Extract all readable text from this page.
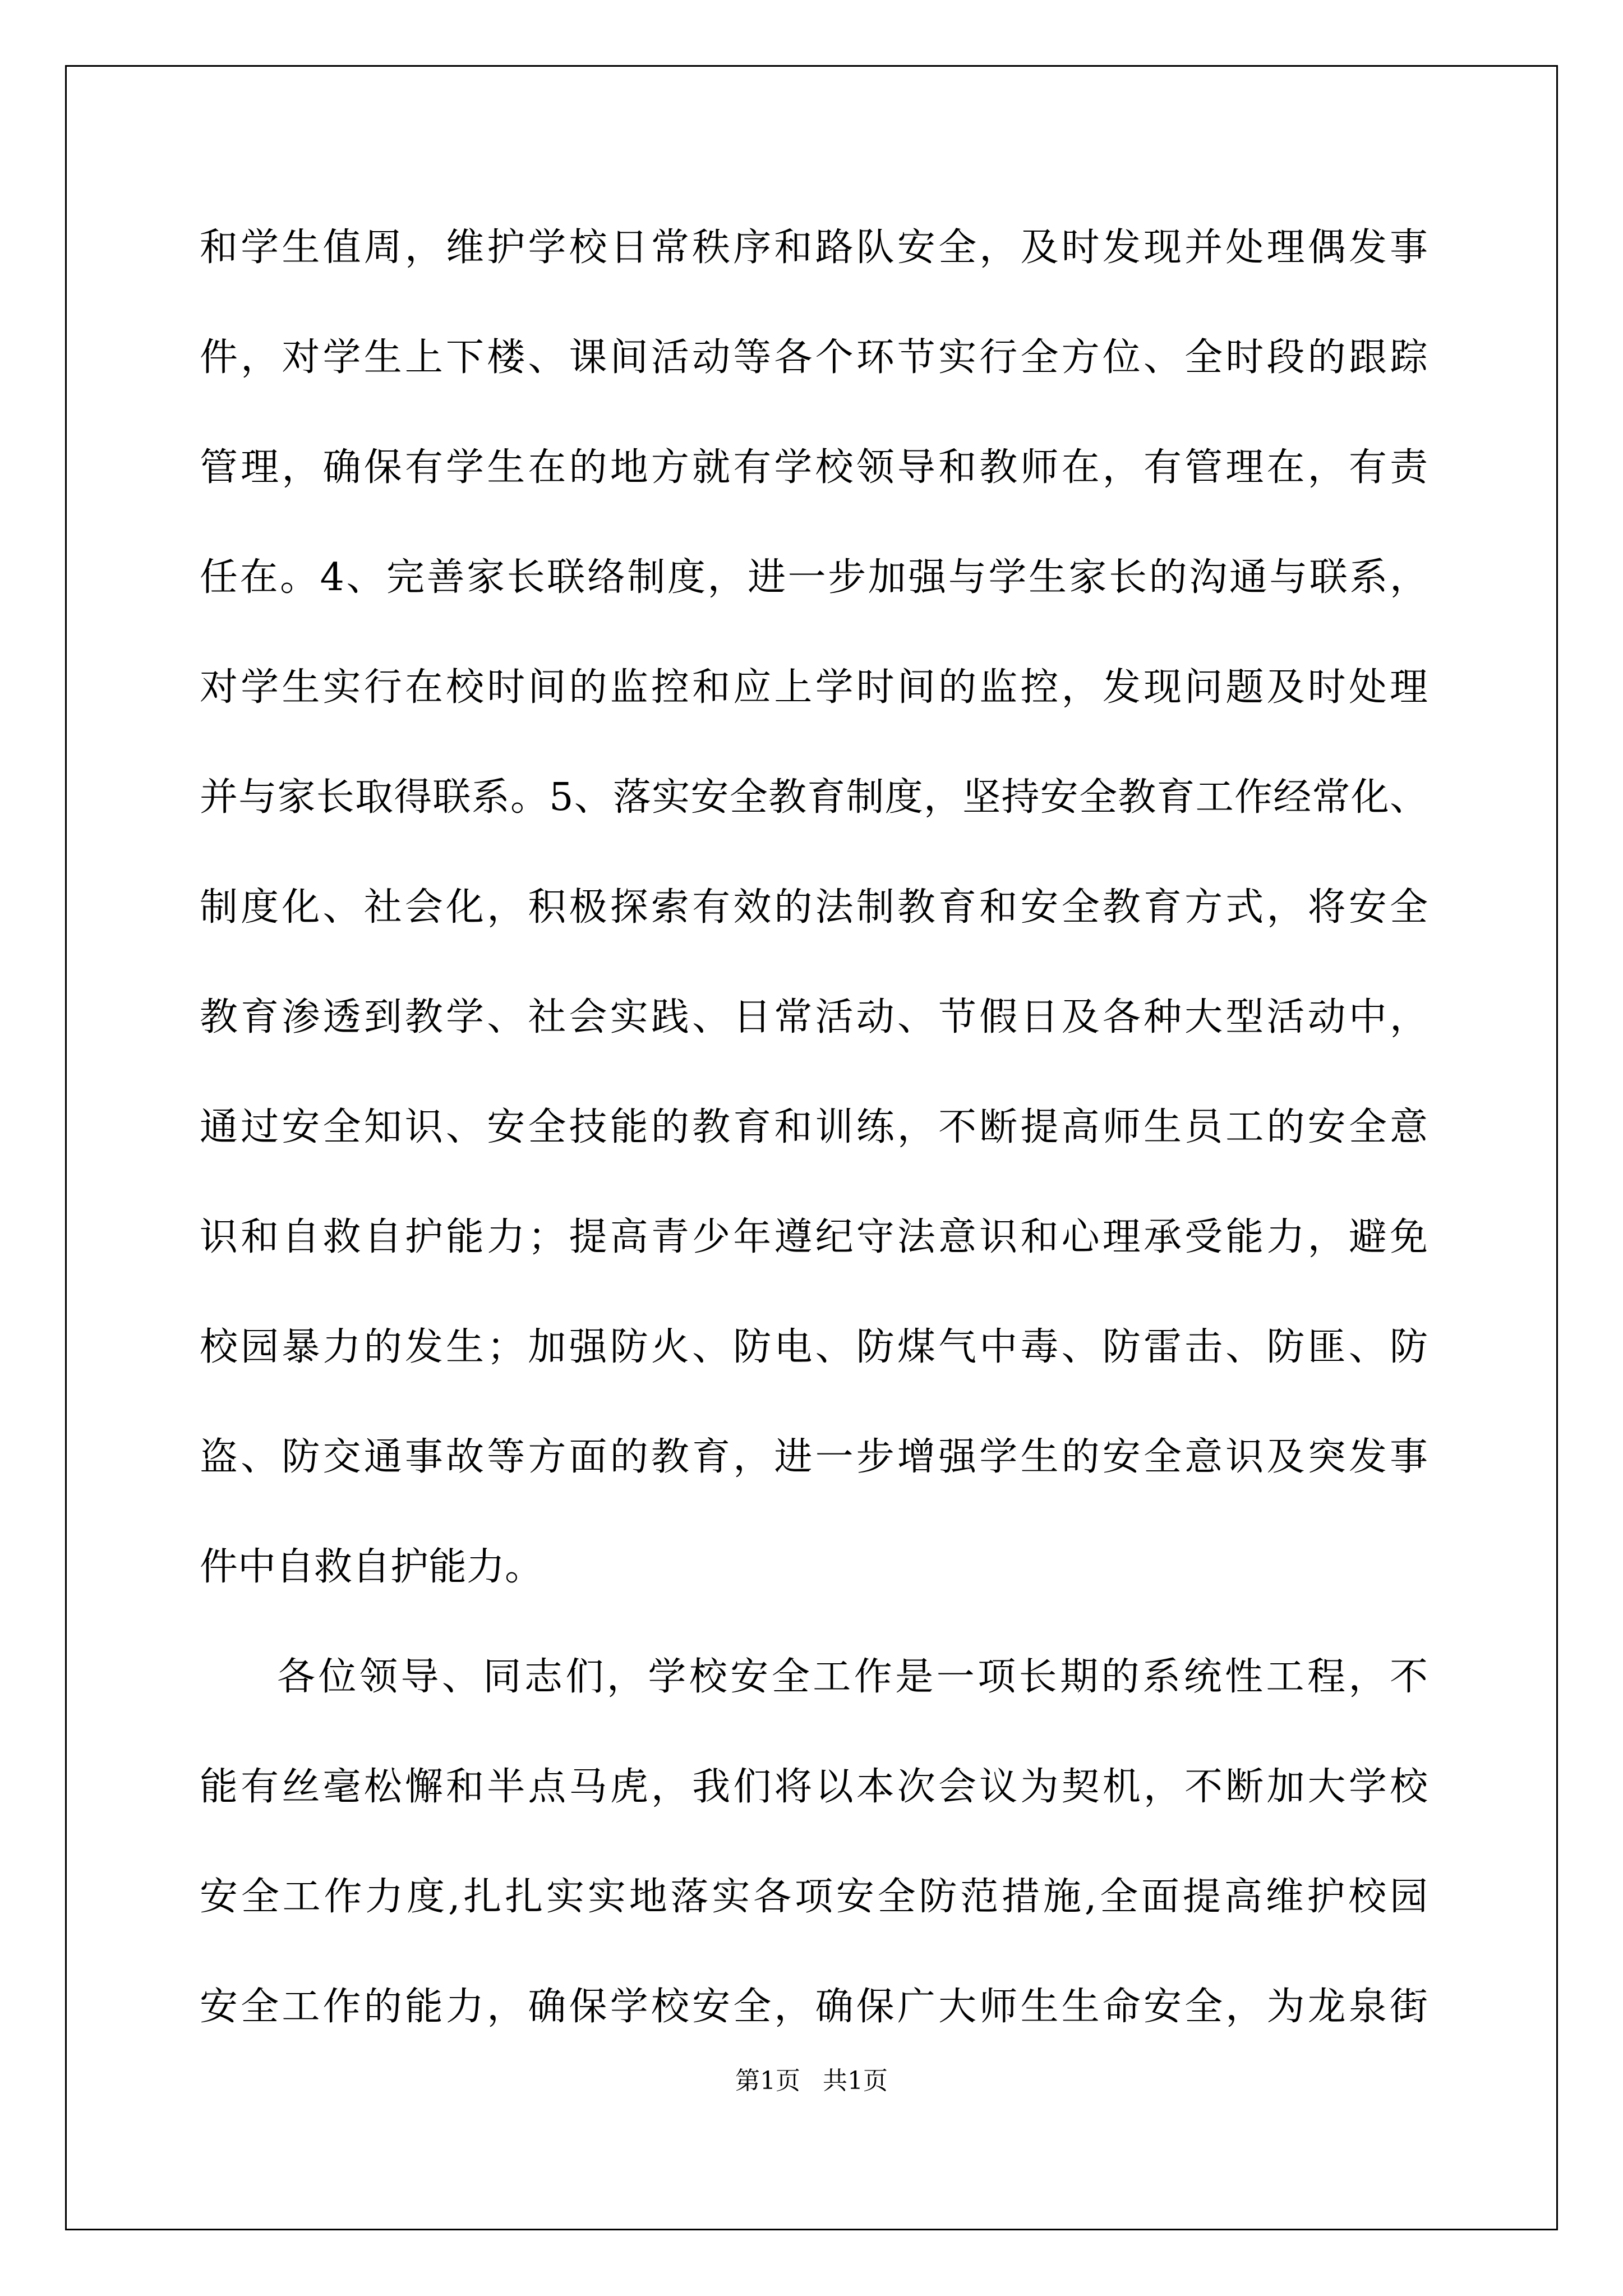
和学生值周，维护学校日常秩序和路队安全，及时发现并处理偶发事
件，对学生上下楼、课间活动等各个环节实行全方位、全时段的跟踪
管理，确保有学生在的地方就有学校领导和教师在，有管理在，有责
任在。4、完善家长联络制度，进一步加强与学生家长的沟通与联系，
对学生实行在校时间的监控和应上学时间的监控，发现问题及时处理
并与家长取得联系。5、落实安全教育制度，坚持安全教育工作经常化、
制度化、社会化，积极探索有效的法制教育和安全教育方式，将安全
教育渗透到教学、社会实践、日常活动、节假日及各种大型活动中，
通过安全知识、安全技能的教育和训练，不断提高师生员工的安全意
识和自救自护能力；提高青少年遵纪守法意识和心理承受能力，避免
校园暴力的发生；加强防火、防电、防煤气中毒、防雷击、防匪、防
盗、防交通事故等方面的教育，进一步增强学生的安全意识及突发事
件中自救自护能力。
各位领导、同志们，学校安全工作是一项长期的系统性工程，不
能有丝毫松懈和半点马虎，我们将以本次会议为契机，不断加大学校
安全工作力度,扎扎实实地落实各项安全防范措施,全面提高维护校园
安全工作的能力，确保学校安全，确保广大师生生命安全，为龙泉街
第1页 共1页
